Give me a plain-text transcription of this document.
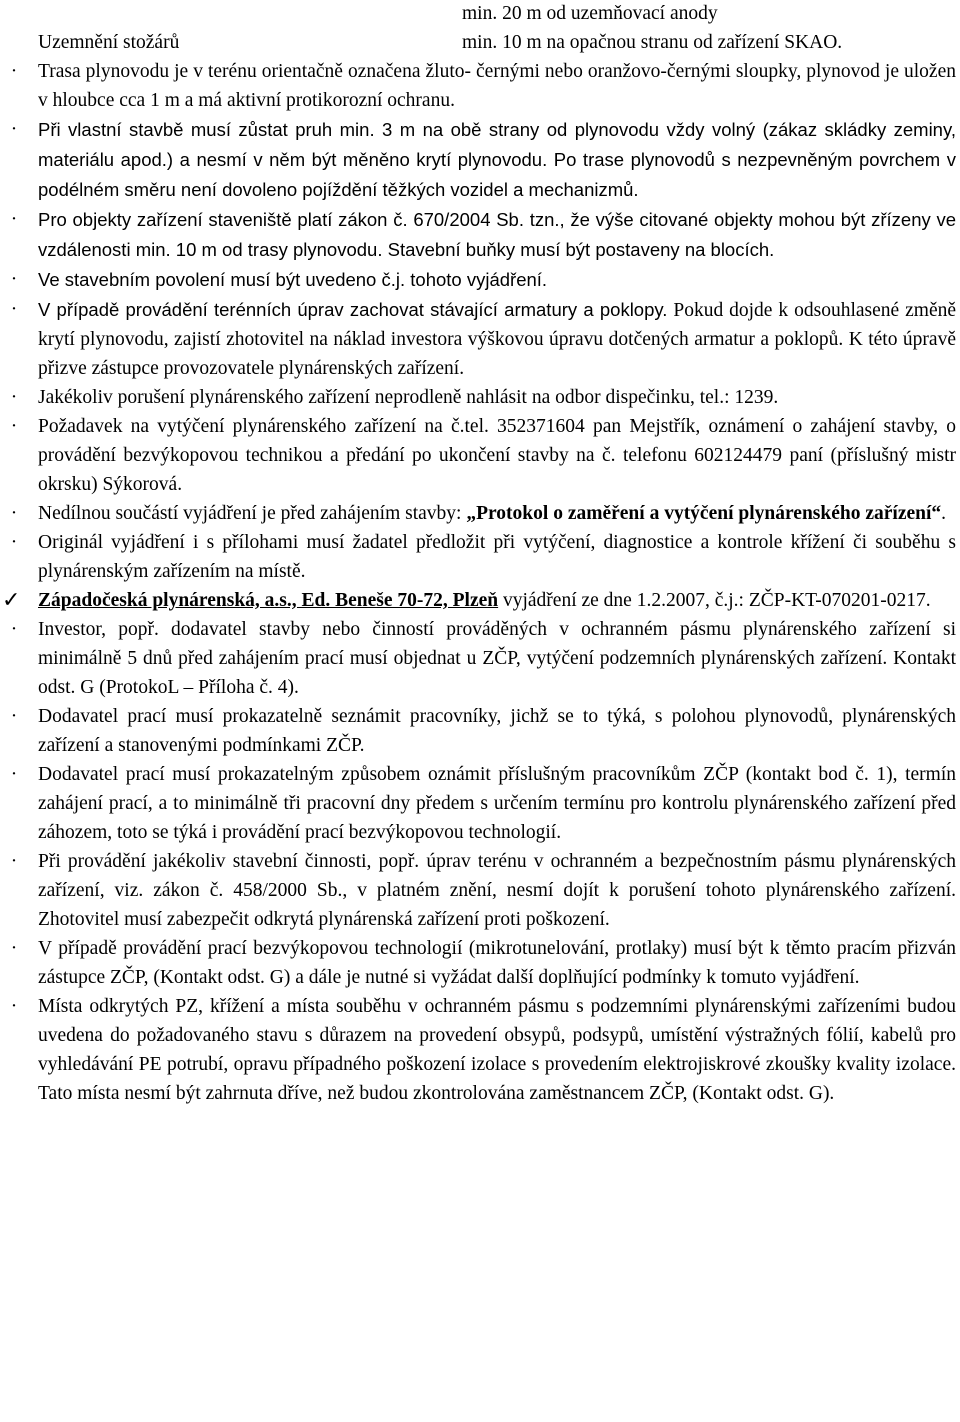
min. 20 m od uzemňovací anody
Uzemnění stožárů	min. 10 m na opačnou stranu od zařízení SKAO.
·	Trasa plynovodu je v terénu orientačně označena žluto- černými nebo oranžovo-černými sloupky, plynovod je uložen v hloubce cca 1 m a má aktivní protikorozní ochranu.
·	Při vlastní stavbě musí zůstat pruh min. 3 m na obě strany od plynovodu vždy volný (zákaz skládky zeminy, materiálu apod.) a nesmí v něm být měněno krytí plynovodu. Po trase plynovodů s nezpevněným povrchem v podélném směru není dovoleno pojíždění těžkých vozidel a mechanizmů.
·	Pro objekty zařízení staveniště platí zákon č. 670/2004 Sb. tzn., že výše citované objekty mohou být zřízeny ve vzdálenosti min. 10 m od trasy plynovodu. Stavební buňky musí být postaveny na blocích.
·	Ve stavebním povolení musí být uvedeno č.j. tohoto vyjádření.
·	V případě provádění terénních úprav zachovat stávající armatury a poklopy. Pokud dojde k odsouhlasené změně krytí plynovodu, zajistí zhotovitel na náklad investora výškovou úpravu dotčených armatur a poklopů. K této úpravě přizve zástupce provozovatele plynárenských zařízení.
·	Jakékoliv porušení plynárenského zařízení neprodleně nahlásit na odbor dispečinku, tel.: 1239.
·	Požadavek na vytýčení plynárenského zařízení na č.tel. 352371604 pan Mejstřík, oznámení o zahájení stavby, o provádění bezvýkopovou technikou a předání po ukončení stavby na č. telefonu 602124479 paní (příslušný mistr okrsku) Sýkorová.
·	Nedílnou součástí vyjádření je před zahájením stavby: „Protokol o zaměření a vytýčení plynárenského zařízení“.
·	Originál vyjádření i s přílohami musí žadatel předložit při vytýčení, diagnostice a kontrole křížení či souběhu s plynárenským zařízením na místě.
✓ Západočeská plynárenská, a.s., Ed. Beneše 70-72, Plzeň vyjádření ze dne 1.2.2007, č.j.: ZČP-KT-070201-0217.
·	Investor, popř. dodavatel stavby nebo činností prováděných v ochranném pásmu plynárenského zařízení si minimálně 5 dnů před zahájením prací musí objednat u ZČP, vytýčení podzemních plynárenských zařízení. Kontakt odst. G (ProtokoL – Příloha č. 4).
·	Dodavatel prací musí prokazatelně seznámit pracovníky, jichž se to týká, s polohou plynovodů, plynárenských zařízení a stanovenými podmínkami ZČP.
·	Dodavatel prací musí prokazatelným způsobem oznámit příslušným pracovníkům ZČP (kontakt bod č. 1), termín zahájení prací, a to minimálně tři pracovní dny předem s určením termínu pro kontrolu plynárenského zařízení před záhozem, toto se týká i provádění prací bezvýkopovou technologií.
·	Při provádění jakékoliv stavební činnosti, popř. úprav terénu v ochranném a bezpečnostním pásmu plynárenských zařízení, viz. zákon č. 458/2000 Sb., v platném znění, nesmí dojít k porušení tohoto plynárenského zařízení. Zhotovitel musí zabezpečit odkrytá plynárenská zařízení proti poškození.
·	V případě provádění prací bezvýkopovou technologií (mikrotunelování, protlaky) musí být k těmto pracím přizván zástupce ZČP, (Kontakt odst. G) a dále je nutné si vyžádat další doplňující podmínky k tomuto vyjádření.
·	Místa odkrytých PZ, křížení a místa souběhu v ochranném pásmu s podzemními plynárenskými zařízeními budou uvedena do požadovaného stavu s důrazem na provedení obsypů, podsypů, umístění výstražných fólií, kabelů pro vyhledávání PE potrubí, opravu případného poškození izolace s provedením elektrojiskrové zkoušky kvality izolace. Tato místa nesmí být zahrnuta dříve, než budou zkontrolována zaměstnancem ZČP, (Kontakt odst. G).
